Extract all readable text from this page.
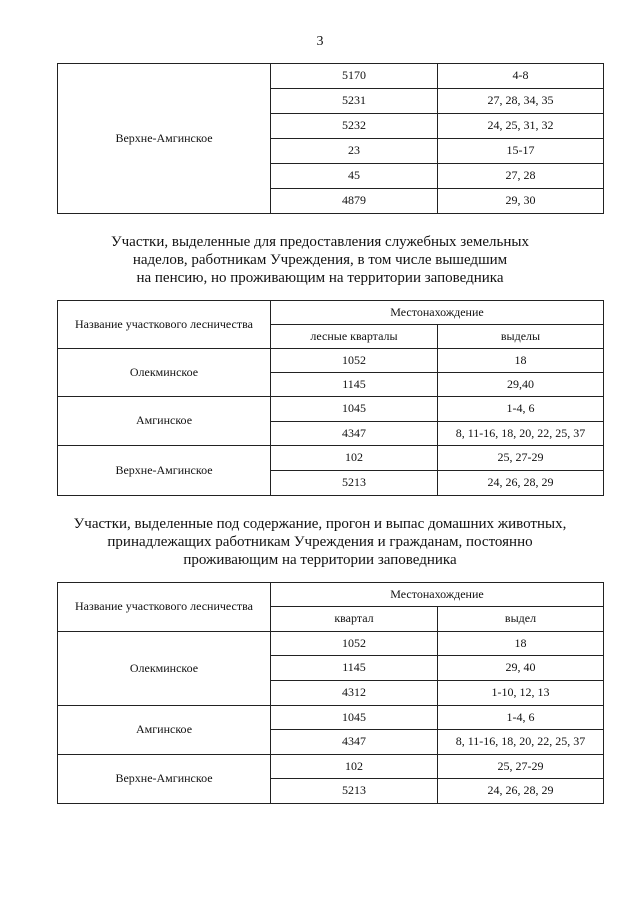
3
Верхне-Амгинское	5170	4-8
	5231	27, 28, 34, 35
	5232	24, 25, 31, 32
	23	15-17
	45	27, 28
	4879	29, 30
Участки, выделенные для предоставления служебных земельных
наделов, работникам Учреждения, в том числе вышедшим
на пенсию, но проживающим на территории заповедника
Название участкового лесничества	Местонахождение	
	лесные кварталы	выделы
Олекминское	1052	18
	1145	29,40
Амгинское	1045	1-4, 6
	4347	8, 11-16, 18, 20, 22, 25, 37
Верхне-Амгинское	102	25, 27-29
	5213	24, 26, 28, 29
Участки, выделенные под содержание, прогон и выпас домашних животных,
принадлежащих работникам Учреждения и гражданам, постоянно
проживающим на территории заповедника
Название участкового лесничества	Местонахождение	
	квартал	выдел
Олекминское	1052	18
	1145	29, 40
	4312	1-10, 12, 13
Амгинское	1045	1-4, 6
	4347	8, 11-16, 18, 20, 22, 25, 37
Верхне-Амгинское	102	25, 27-29
	5213	24, 26, 28, 29
